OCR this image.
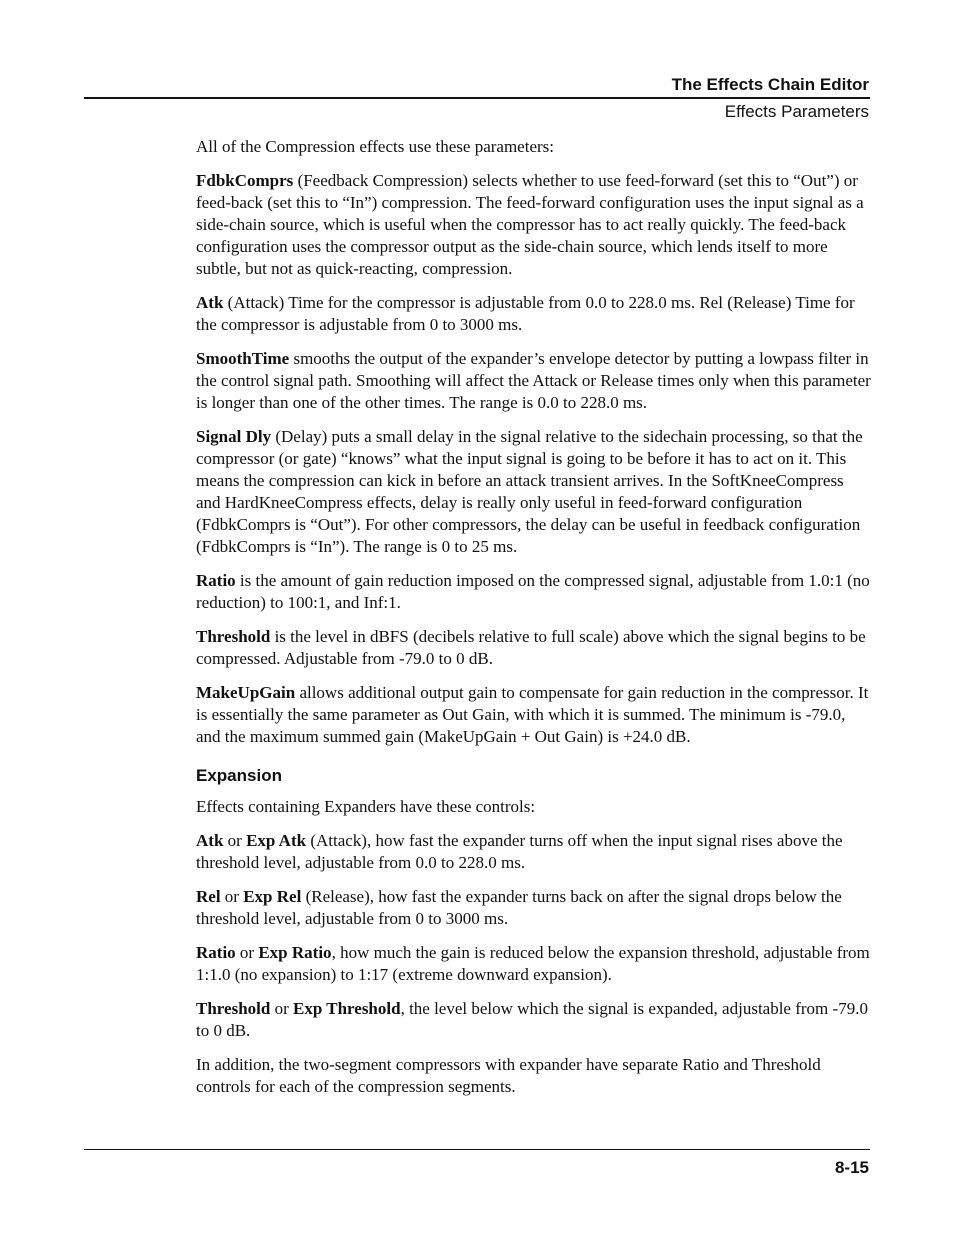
The Effects Chain Editor
Effects Parameters

All of the Compression effects use these parameters:

FdbkComprs (Feedback Compression) selects whether to use feed-forward (set this to “Out”) or feed-back (set this to “In”) compression. The feed-forward configuration uses the input signal as a side-chain source, which is useful when the compressor has to act really quickly. The feed-back configuration uses the compressor output as the side-chain source, which lends itself to more subtle, but not as quick-reacting, compression.

Atk (Attack) Time for the compressor is adjustable from 0.0 to 228.0 ms. Rel (Release) Time for the compressor is adjustable from 0 to 3000 ms.

SmoothTime smooths the output of the expander’s envelope detector by putting a lowpass filter in the control signal path. Smoothing will affect the Attack or Release times only when this parameter is longer than one of the other times. The range is 0.0 to 228.0 ms.

Signal Dly (Delay) puts a small delay in the signal relative to the sidechain processing, so that the compressor (or gate) “knows” what the input signal is going to be before it has to act on it. This means the compression can kick in before an attack transient arrives. In the SoftKneeCompress and HardKneeCompress effects, delay is really only useful in feed-forward configuration (FdbkComprs is “Out”). For other compressors, the delay can be useful in feedback configuration (FdbkComprs is “In”). The range is 0 to 25 ms.

Ratio is the amount of gain reduction imposed on the compressed signal, adjustable from 1.0:1 (no reduction) to 100:1, and Inf:1.

Threshold is the level in dBFS (decibels relative to full scale) above which the signal begins to be compressed. Adjustable from -79.0 to 0 dB.

MakeUpGain allows additional output gain to compensate for gain reduction in the compressor. It is essentially the same parameter as Out Gain, with which it is summed. The minimum is -79.0, and the maximum summed gain (MakeUpGain + Out Gain) is +24.0 dB.

Expansion

Effects containing Expanders have these controls:

Atk or Exp Atk (Attack), how fast the expander turns off when the input signal rises above the threshold level, adjustable from 0.0 to 228.0 ms.

Rel or Exp Rel (Release), how fast the expander turns back on after the signal drops below the threshold level, adjustable from 0 to 3000 ms.

Ratio or Exp Ratio, how much the gain is reduced below the expansion threshold, adjustable from 1:1.0 (no expansion) to 1:17 (extreme downward expansion).

Threshold or Exp Threshold, the level below which the signal is expanded, adjustable from -79.0 to 0 dB.

In addition, the two-segment compressors with expander have separate Ratio and Threshold controls for each of the compression segments.

8-15
